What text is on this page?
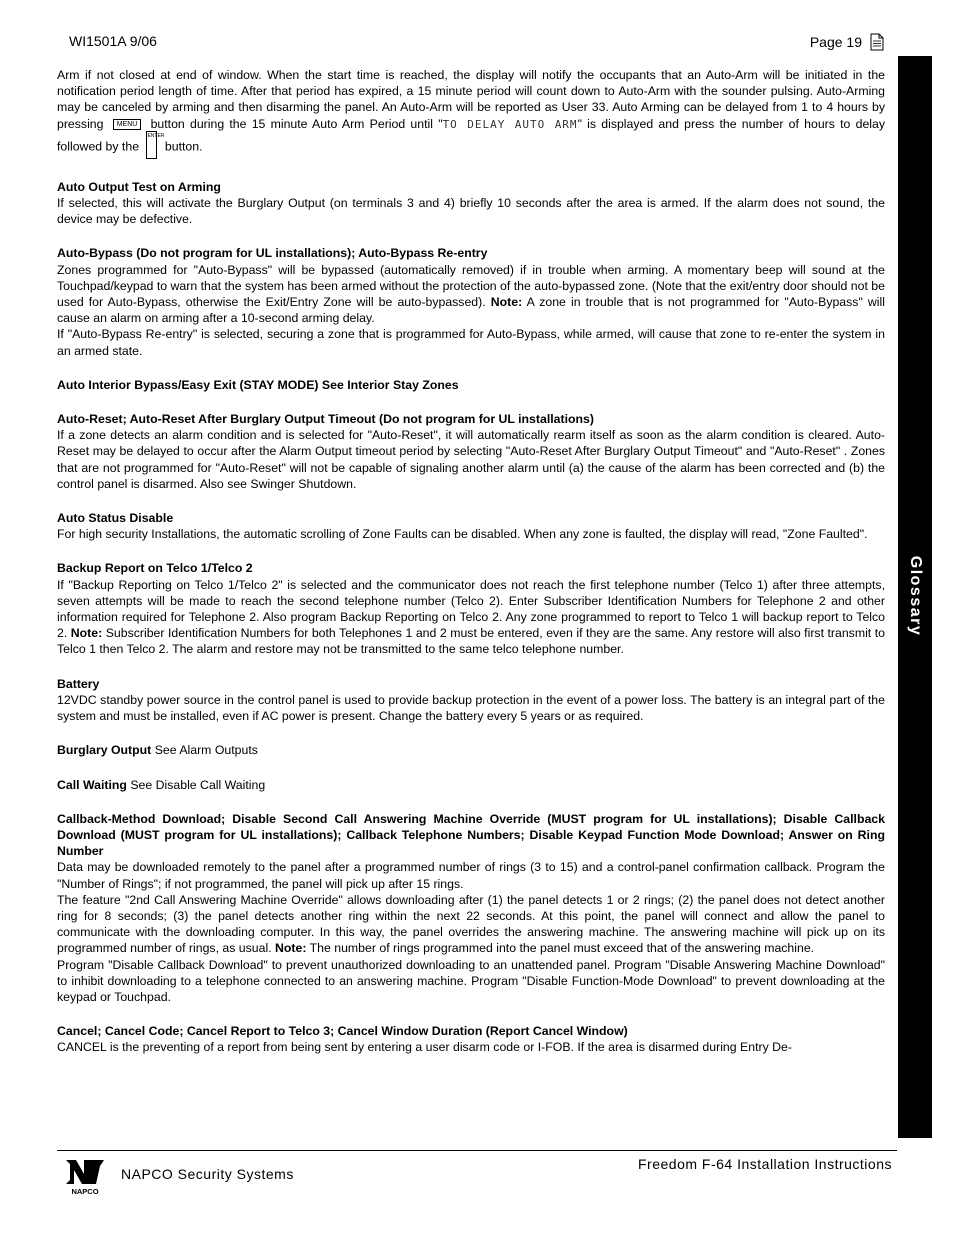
WI1501A 9/06	Page 19
Glossary

Arm if not closed at end of window. When the start time is reached, the display will notify the occupants that an Auto-Arm will be initiated in the notification period length of time. After that period has expired, a 15 minute period will count down to Auto-Arm with the sounder pulsing. Auto-Arming may be canceled by arming and then disarming the panel. An Auto-Arm will be reported as User 33. Auto Arming can be delayed from 1 to 4 hours by pressing MENU button during the 15 minute Auto Arm Period until "TO DELAY AUTO ARM" is displayed and press the number of hours to delay followed by the
ENTER
button.

Auto Output Test on Arming

If selected, this will activate the Burglary Output (on terminals 3 and 4) briefly 10 seconds after the area is armed. If the alarm does not sound, the device may be defective.

Auto-Bypass (Do not program for UL installations); Auto-Bypass Re-entry

Zones programmed for "Auto-Bypass" will be bypassed (automatically removed) if in trouble when arming. A momentary beep will sound at the Touchpad/keypad to warn that the system has been armed without the protection of the auto-bypassed zone. (Note that the exit/entry door should not be used for Auto-Bypass, otherwise the Exit/Entry Zone will be auto-bypassed). Note: A zone in trouble that is not programmed for "Auto-Bypass" will cause an alarm on arming after a 10-second arming delay.

If "Auto-Bypass Re-entry" is selected, securing a zone that is programmed for Auto-Bypass, while armed, will cause that zone to re-enter the system in an armed state.

Auto Interior Bypass/Easy Exit (STAY MODE) See Interior Stay Zones

Auto-Reset; Auto-Reset After Burglary Output Timeout (Do not program for UL installations)

If a zone detects an alarm condition and is selected for "Auto-Reset", it will automatically rearm itself as soon as the alarm condition is cleared. Auto-Reset may be delayed to occur after the Alarm Output timeout period by selecting "Auto-Reset After Burglary Output Timeout" and "Auto-Reset" . Zones that are not programmed for "Auto-Reset" will not be capable of signaling another alarm until (a) the cause of the alarm has been corrected and (b) the control panel is disarmed. Also see Swinger Shutdown.

Auto Status Disable

For high security Installations, the automatic scrolling of Zone Faults can be disabled. When any zone is faulted, the display will read, "Zone Faulted".

Backup Report on Telco 1/Telco 2

If "Backup Reporting on Telco 1/Telco 2" is selected and the communicator does not reach the first telephone number (Telco 1) after three attempts, seven attempts will be made to reach the second telephone number (Telco 2). Enter Subscriber Identification Numbers for Telephone 2 and other information required for Telephone 2. Also program Backup Reporting on Telco 2. Any zone programmed to report to Telco 1 will backup report to Telco 2. Note: Subscriber Identification Numbers for both Telephones 1 and 2 must be entered, even if they are the same. Any restore will also first transmit to Telco 1 then Telco 2. The alarm and restore may not be transmitted to the same telco telephone number.

Battery

12VDC standby power source in the control panel is used to provide backup protection in the event of a power loss. The battery is an integral part of the system and must be installed, even if AC power is present. Change the battery every 5 years or as required.

Burglary Output See Alarm Outputs

Call Waiting See Disable Call Waiting

Callback-Method Download; Disable Second Call Answering Machine Override (MUST program for UL installations); Disable Callback Download (MUST program for UL installations); Callback Telephone Numbers; Disable Keypad Function Mode Download; Answer on Ring Number

Data may be downloaded remotely to the panel after a programmed number of rings (3 to 15) and a control-panel confirmation callback. Program the "Number of Rings"; if not programmed, the panel will pick up after 15 rings.

The feature "2nd Call Answering Machine Override" allows downloading after (1) the panel detects 1 or 2 rings; (2) the panel does not detect another ring for 8 seconds; (3) the panel detects another ring within the next 22 seconds. At this point, the panel will connect and allow the panel to communicate with the downloading computer. In this way, the panel overrides the answering machine. The answering machine will pick up on its programmed number of rings, as usual. Note: The number of rings programmed into the panel must exceed that of the answering machine.

Program "Disable Callback Download" to prevent unauthorized downloading to an unattended panel. Program "Disable Answering Machine Download" to inhibit downloading to a telephone connected to an answering machine. Program "Disable Function-Mode Download" to prevent downloading at the keypad or Touchpad.

Cancel; Cancel Code; Cancel Report to Telco 3; Cancel Window Duration (Report Cancel Window)

CANCEL is the preventing of a report from being sent by entering a user disarm code or I-FOB. If the area is disarmed during Entry De-

NAPCO
NAPCO Security Systems
Freedom F-64 Installation Instructions
